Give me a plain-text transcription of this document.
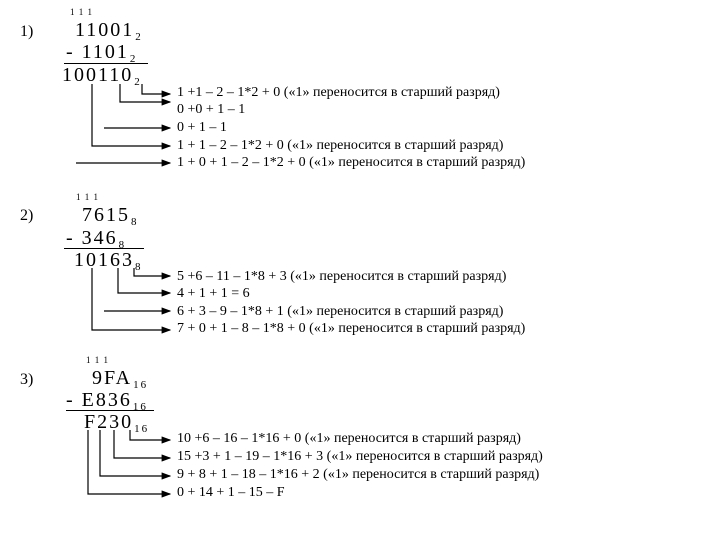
1)
1 1 1
$11001_2$
- $1101_2$
$100110_2$
1 +1 – 2 – 1*2 + 0 («1» переносится в старший разряд)
0 +0 + 1 – 1
0 + 1 – 1
1 + 1 – 2 – 1*2 + 0 («1» переносится в старший разряд)
1 + 0 + 1 – 2 – 1*2 + 0 («1» переносится в старший разряд)
2)
1 1 1
$7615_8$
- $346_8$
$10163_8$
5 +6 – 11 – 1*8 + 3 («1» переносится в старший разряд)
4 + 1 + 1 = 6
6 + 3 – 9 – 1*8 + 1 («1» переносится в старший разряд)
7 + 0 + 1 – 8 – 1*8 + 0 («1» переносится в старший разряд)
3)
1 1 1
$9FA_{16}$
- $E836_{16}$
$F230_{16}$
10 +6 – 16 – 1*16 + 0 («1» переносится в старший разряд)
15 +3 + 1 – 19 – 1*16 + 3 («1» переносится в старший разряд)
9 + 8 + 1 – 18 – 1*16 + 2 («1» переносится в старший разряд)
0 + 14 + 1 – 15 – F
